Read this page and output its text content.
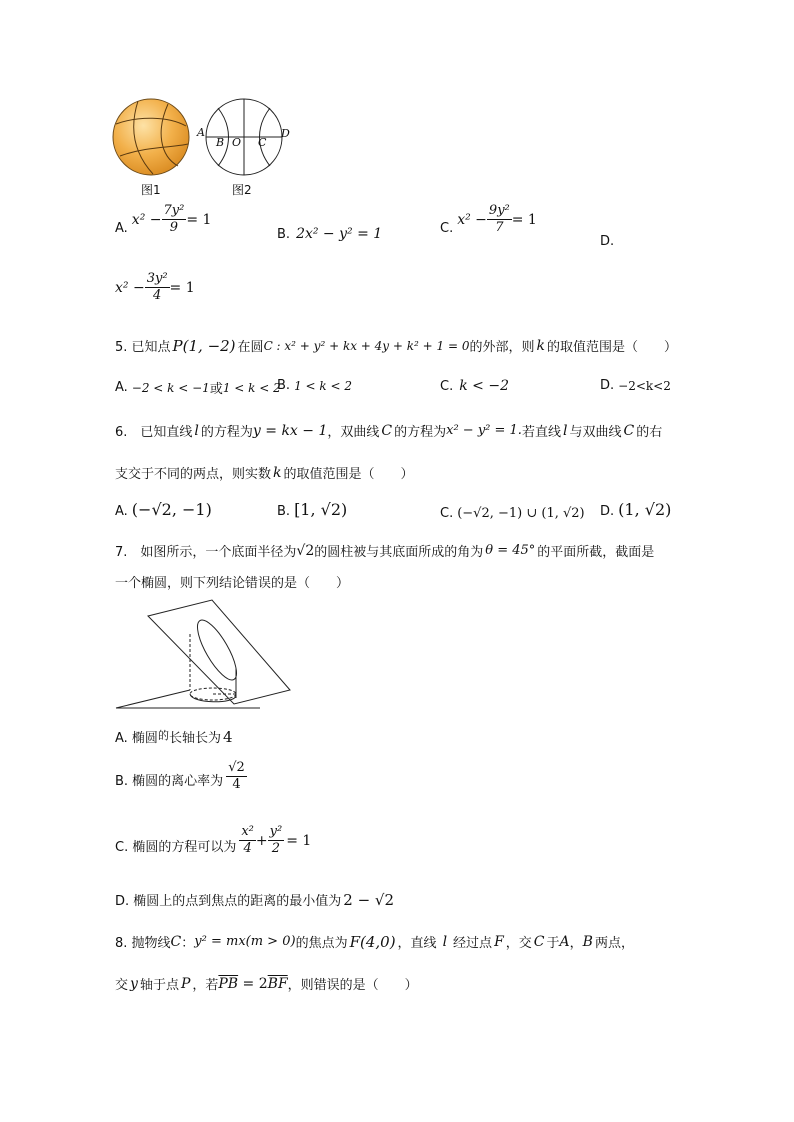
A
B O C
D
图1	图2
A.
$x^2 - \frac{\text{7y²}}{9} = 1$
B. 2x² − y² = 1	C.
$x^2 - \frac{\text{9y²}}{7} = 1$
D.
$x^2 - \frac{\text{3y²}}{4} = 1$
5. 已知点 P(1, −2) 在圆 C : x² + y² + kx + 4y + k² + 1 = 0 的外部，则 k 的取值范围是（　　）
A. −2 < k < −1 或 1 < k < 2
B. 1 < k < 2	C. k < −2	D. −2<k<2
6.　已知直线 l 的方程为 y = kx − 1 ，双曲线 C 的方程为 x² − y² = 1. 若直线 l 与双曲线 C 的右
支交于不同的两点，则实数 k 的取值范围是（　　）
A. (−√2, −1)	B. [1, √2)	C. (−√2, −1) ∪ (1, √2) D. (1, √2)
7.　如图所示，一个底面半径为 √2 的圆柱被与其底面所成的角为 θ = 45° 的平面所截，截面是
一个椭圆，则下列结论错误的是（　　）
A. 椭圆 的 长轴长为 4
B. 椭圆的离心率为 $\frac{√2}{4}$
C. 椭圆的方程可以为 $\frac{\text{x²}}{4} + \frac{\text{y²}}{2} = 1$
D. 椭圆上的点到焦点的距离的最小值为 2 − √2
8. 抛物线 C ： y² = mx(m > 0) 的焦点为 F(4,0) ，直线 l 经过点 F ，交 C 于 A ， B 两点，
交 y 轴于点 P ，若 $\overline{PB} = 2$ $\overline{BF}$ ，则错误的是（　　）
